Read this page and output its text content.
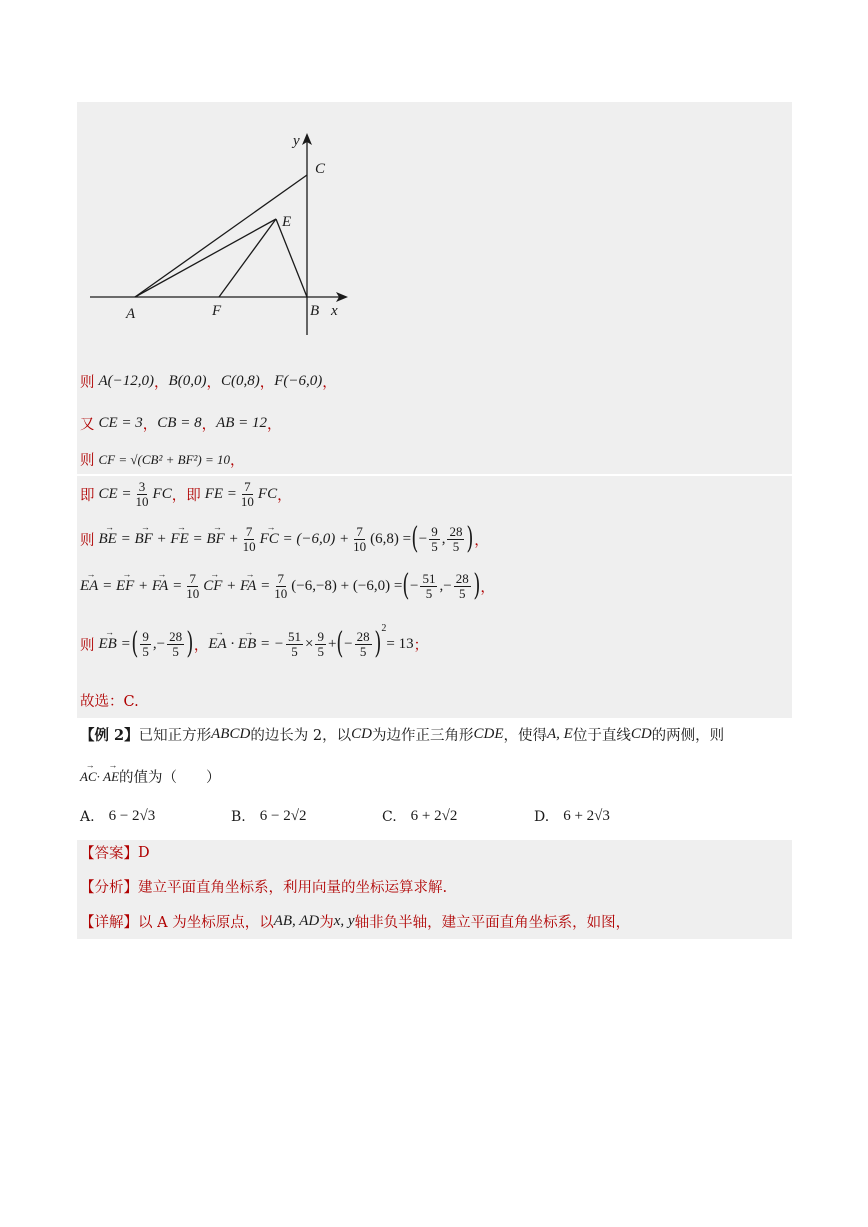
y
C
E
A	F	B x
则 A(−12,0) ， B(0,0) ， C(0,8) ， F(−6,0) ，
又 CE = 3 ， CB = 8 ， AB = 12 ，
则 CF = √(CB² + BF²) = 10 ，
即 CE = $\frac{3}{10}$ FC ， 即 FE = $\frac{7}{10}$ FC ，
则 BE → = BF → + FE → = BF → + $\frac{7}{10}$ FC → = $(-6,0) + \frac{7}{10} (6,8)$ = ( − $\frac{9}{5}$ , $\frac{28}{5}$ ) ，
EA → = EF → + FA → = $\frac{7}{10}$ CF → + FA → = $\frac{7}{10} (-6,-8) + (-6,0)$ = ( − $\frac{51}{5}$ ,− $\frac{28}{5}$ ) ，
则 EB → = ( $\frac{9}{5}$ ,− $\frac{28}{5}$ ) ， EA → · EB → = − $\frac{51}{5} \times \frac{9}{5}$ + ( − $\frac{28}{5}$ ) 2
= 13 ；
故选：C.
【例 2】 已知正方形 ABCD 的边长为 2，以 CD 为边作正三角形 CDE ，使得 A, E 位于直线 CD 的两侧，则
AC →· AE → 的值为（　　）
A. 6 − 2√3	B. 6 − 2√2	C. 6 + 2√2	D. 6 + 2√3
【答案】 D
【分析】 建立平面直角坐标系，利用向量的坐标运算求解.
【详解】 以 A 为坐标原点，以 AB, AD 为 x, y 轴非负半轴，建立平面直角坐标系，如图，
